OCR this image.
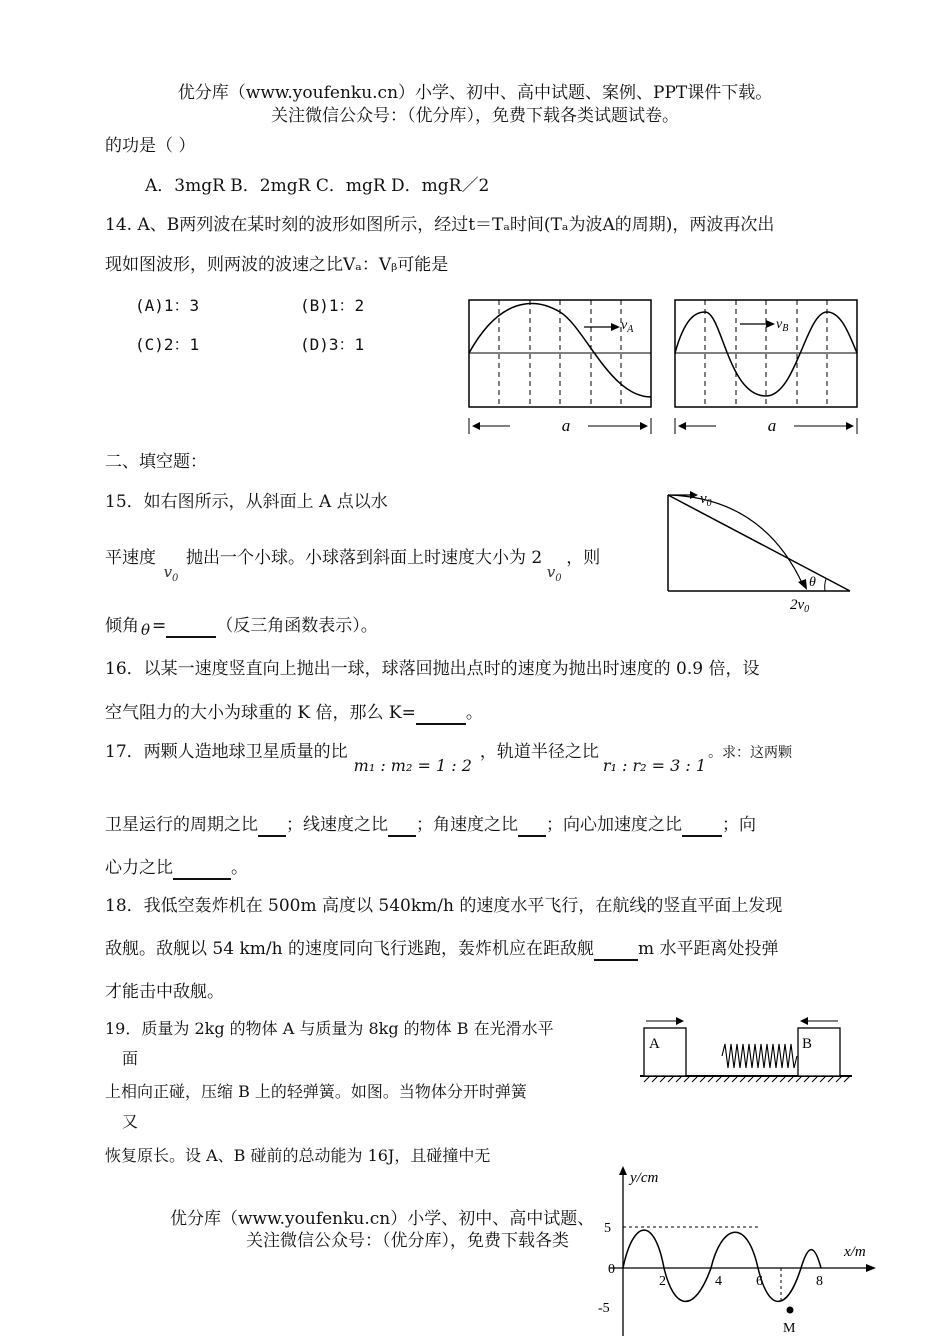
优分库（www.youfenku.cn）小学、初中、高中试题、案例、PPT课件下载。
关注微信公众号：（优分库），免费下载各类试题试卷。
的功是（ ）
A．3mgR B．2mgR C．mgR D．mgR／2
14. A、B两列波在某时刻的波形如图所示，经过t＝Tₐ时间(Tₐ为波A的周期)，两波再次出
现如图波形，则两波的波速之比Vₐ：Vᵦ可能是
(A)1：3	(B)1：2
(C)2：1	(D)3：1
$v_A$	$v_B$
a	a
二、填空题：
15．如右图所示，从斜面上 A 点以水
平速度$v_0$抛出一个小球。小球落到斜面上时速度大小为 $2v_0$，则
倾角 θ =	（反三角函数表示）。
$v_0$
θ
$2v_0$
16．以某一速度竖直向上抛出一球，球落回抛出点时的速度为抛出时速度的 0.9 倍，设
空气阻力的大小为球重的 K 倍，那么 K=	。
17．两颗人造地球卫星质量的比m₁ : m₂ = 1 : 2，轨道半径之比r₁ : r₂ = 3 : 1。求：这两颗
卫星运行的周期之比 ；线速度之比 ；角速度之比 ；向心加速度之比 ；向
心力之比	。
18．我低空轰炸机在 500m 高度以 540km/h 的速度水平飞行，在航线的竖直平面上发现
敌舰。敌舰以 54 km/h 的速度同向飞行逃跑，轰炸机应在距敌舰	m 水平距离处投弹
才能击中敌舰。
19．质量为 2kg 的物体 A 与质量为 8kg 的物体 B 在光滑水平
面
上相向正碰，压缩 B 上的轻弹簧。如图。当物体分开时弹簧
又
恢复原长。设 A、B 碰前的总动能为 16J，且碰撞中无
A	B
y/cm
x/m
5
0
-5
2	4 6	8
M
优分库（www.youfenku.cn）小学、初中、高中试题、
关注微信公众号：（优分库），免费下载各类
